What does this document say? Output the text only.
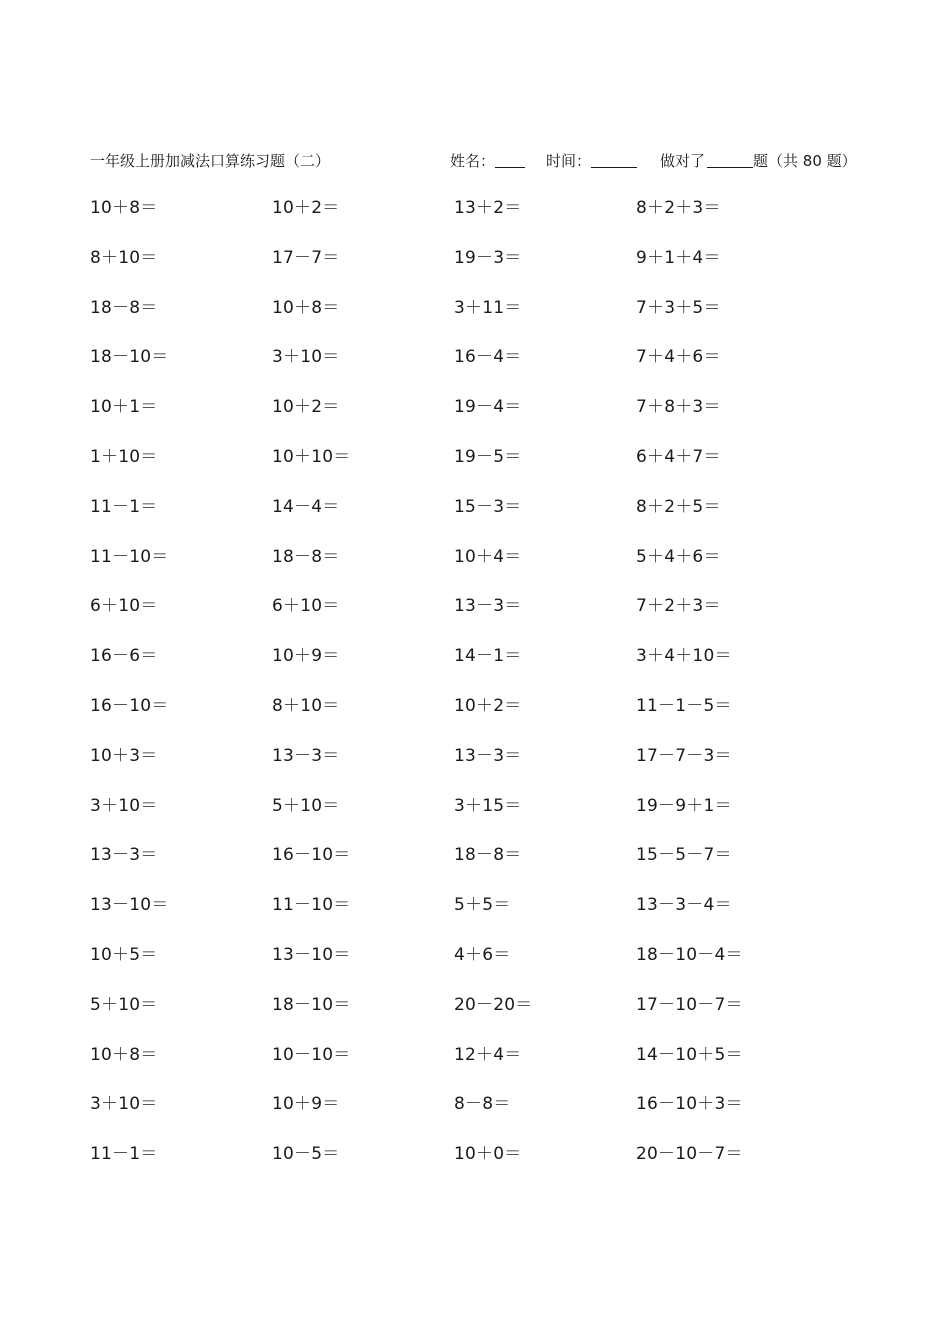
一年级上册加减法口算练习题（二）	姓名：	时间：	做对了	题（共 80 题）
10＋8＝	10＋2＝	13＋2＝	8＋2＋3＝
8＋10＝	17－7＝	19－3＝	9＋1＋4＝
18－8＝	10＋8＝	3＋11＝	7＋3＋5＝
18－10＝	3＋10＝	16－4＝	7＋4＋6＝
10＋1＝	10＋2＝	19－4＝	7＋8＋3＝
1＋10＝	10＋10＝	19－5＝	6＋4＋7＝
11－1＝	14－4＝	15－3＝	8＋2＋5＝
11－10＝	18－8＝	10＋4＝	5＋4＋6＝
6＋10＝	6＋10＝	13－3＝	7＋2＋3＝
16－6＝	10＋9＝	14－1＝	3＋4＋10＝
16－10＝	8＋10＝	10＋2＝	11－1－5＝
10＋3＝	13－3＝	13－3＝	17－7－3＝
3＋10＝	5＋10＝	3＋15＝	19－9＋1＝
13－3＝	16－10＝	18－8＝	15－5－7＝
13－10＝	11－10＝	5＋5＝	13－3－4＝
10＋5＝	13－10＝	4＋6＝	18－10－4＝
5＋10＝	18－10＝	20－20＝	17－10－7＝
10＋8＝	10－10＝	12＋4＝	14－10＋5＝
3＋10＝	10＋9＝	8－8＝	16－10＋3＝
11－1＝	10－5＝	10＋0＝	20－10－7＝
